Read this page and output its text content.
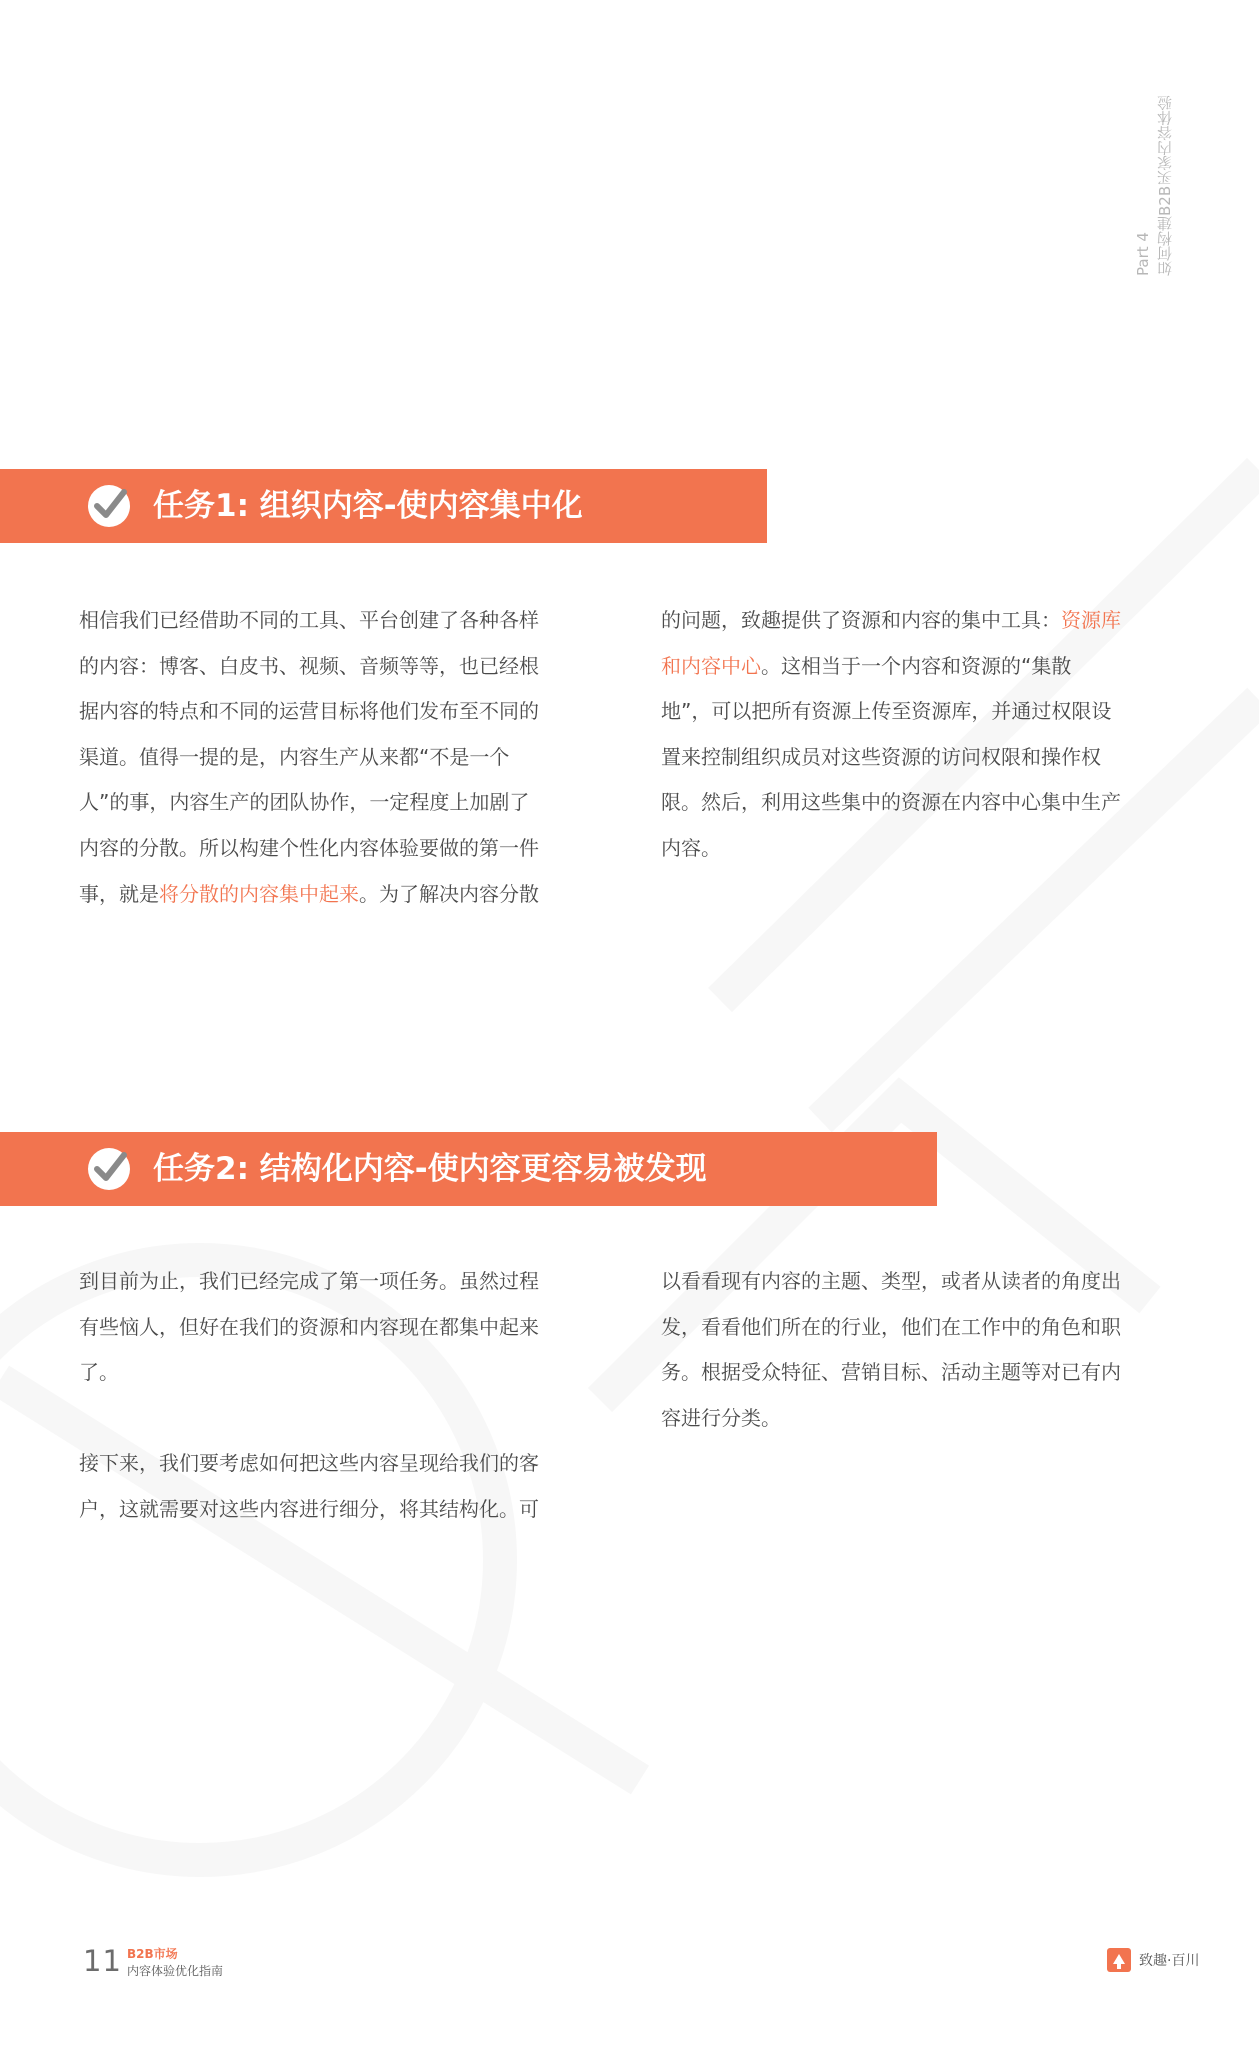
Part 4 如何构建B2B买家内容体验
任务1: 组织内容-使内容集中化

相信我们已经借助不同的工具、平台创建了各种各样
的内容：博客、白皮书、视频、音频等等，也已经根
据内容的特点和不同的运营目标将他们发布至不同的
渠道。值得一提的是，内容生产从来都“不是一个
人”的事，内容生产的团队协作，一定程度上加剧了
内容的分散。所以构建个性化内容体验要做的第一件
事，就是将分散的内容集中起来。为了解决内容分散

的问题，致趣提供了资源和内容的集中工具：资源库
和内容中心。这相当于一个内容和资源的“集散
地”，可以把所有资源上传至资源库，并通过权限设
置来控制组织成员对这些资源的访问权限和操作权
限。然后，利用这些集中的资源在内容中心集中生产
内容。

任务2: 结构化内容-使内容更容易被发现

到目前为止，我们已经完成了第一项任务。虽然过程
有些恼人，但好在我们的资源和内容现在都集中起来
了。

接下来，我们要考虑如何把这些内容呈现给我们的客
户，这就需要对这些内容进行细分，将其结构化。可

以看看现有内容的主题、类型，或者从读者的角度出
发，看看他们所在的行业，他们在工作中的角色和职
务。根据受众特征、营销目标、活动主题等对已有内
容进行分类。

11 B2B市场
内容体验优化指南
致趣·百川
